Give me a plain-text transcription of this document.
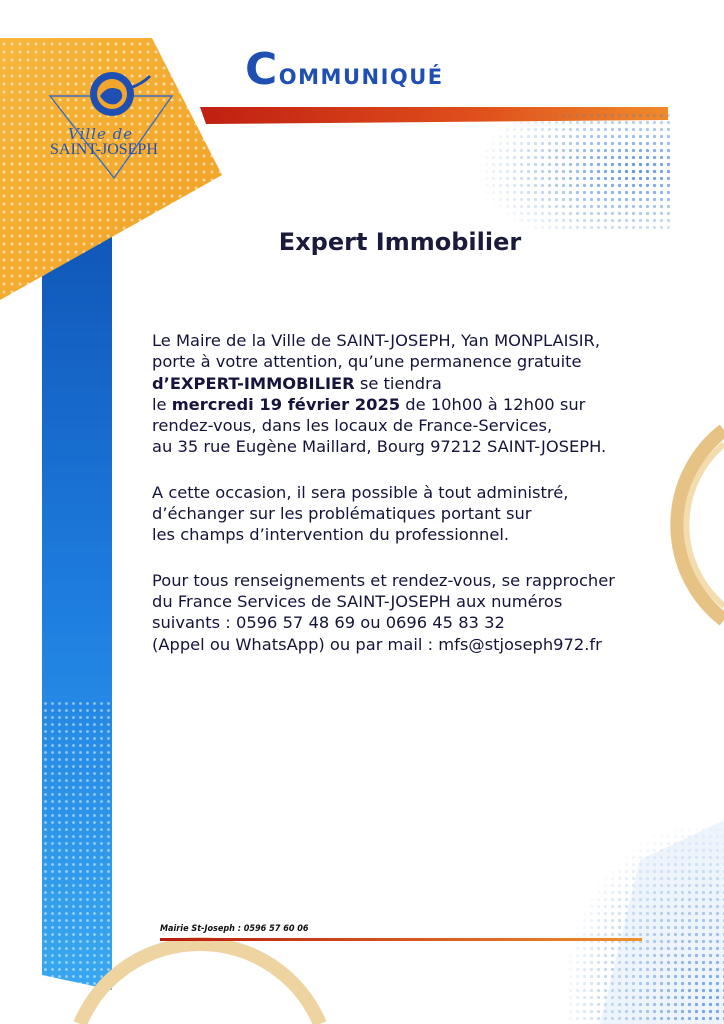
Ville de
SAINT-JOSEPH
Communiqué
Expert Immobilier
Le Maire de la Ville de SAINT-JOSEPH, Yan MONPLAISIR,
porte à votre attention, qu’une permanence gratuite
d’EXPERT-IMMOBILIER se tiendra
le mercredi 19 février 2025 de 10h00 à 12h00 sur
rendez-vous, dans les locaux de France-Services,
au 35 rue Eugène Maillard, Bourg 97212 SAINT-JOSEPH.
A cette occasion, il sera possible à tout administré,
d’échanger sur les problématiques portant sur
les champs d’intervention du professionnel.
Pour tous renseignements et rendez-vous, se rapprocher
du France Services de SAINT-JOSEPH aux numéros
suivants : 0596 57 48 69 ou 0696 45 83 32
(Appel ou WhatsApp) ou par mail : mfs@stjoseph972.fr
Mairie St-Joseph : 0596 57 60 06
